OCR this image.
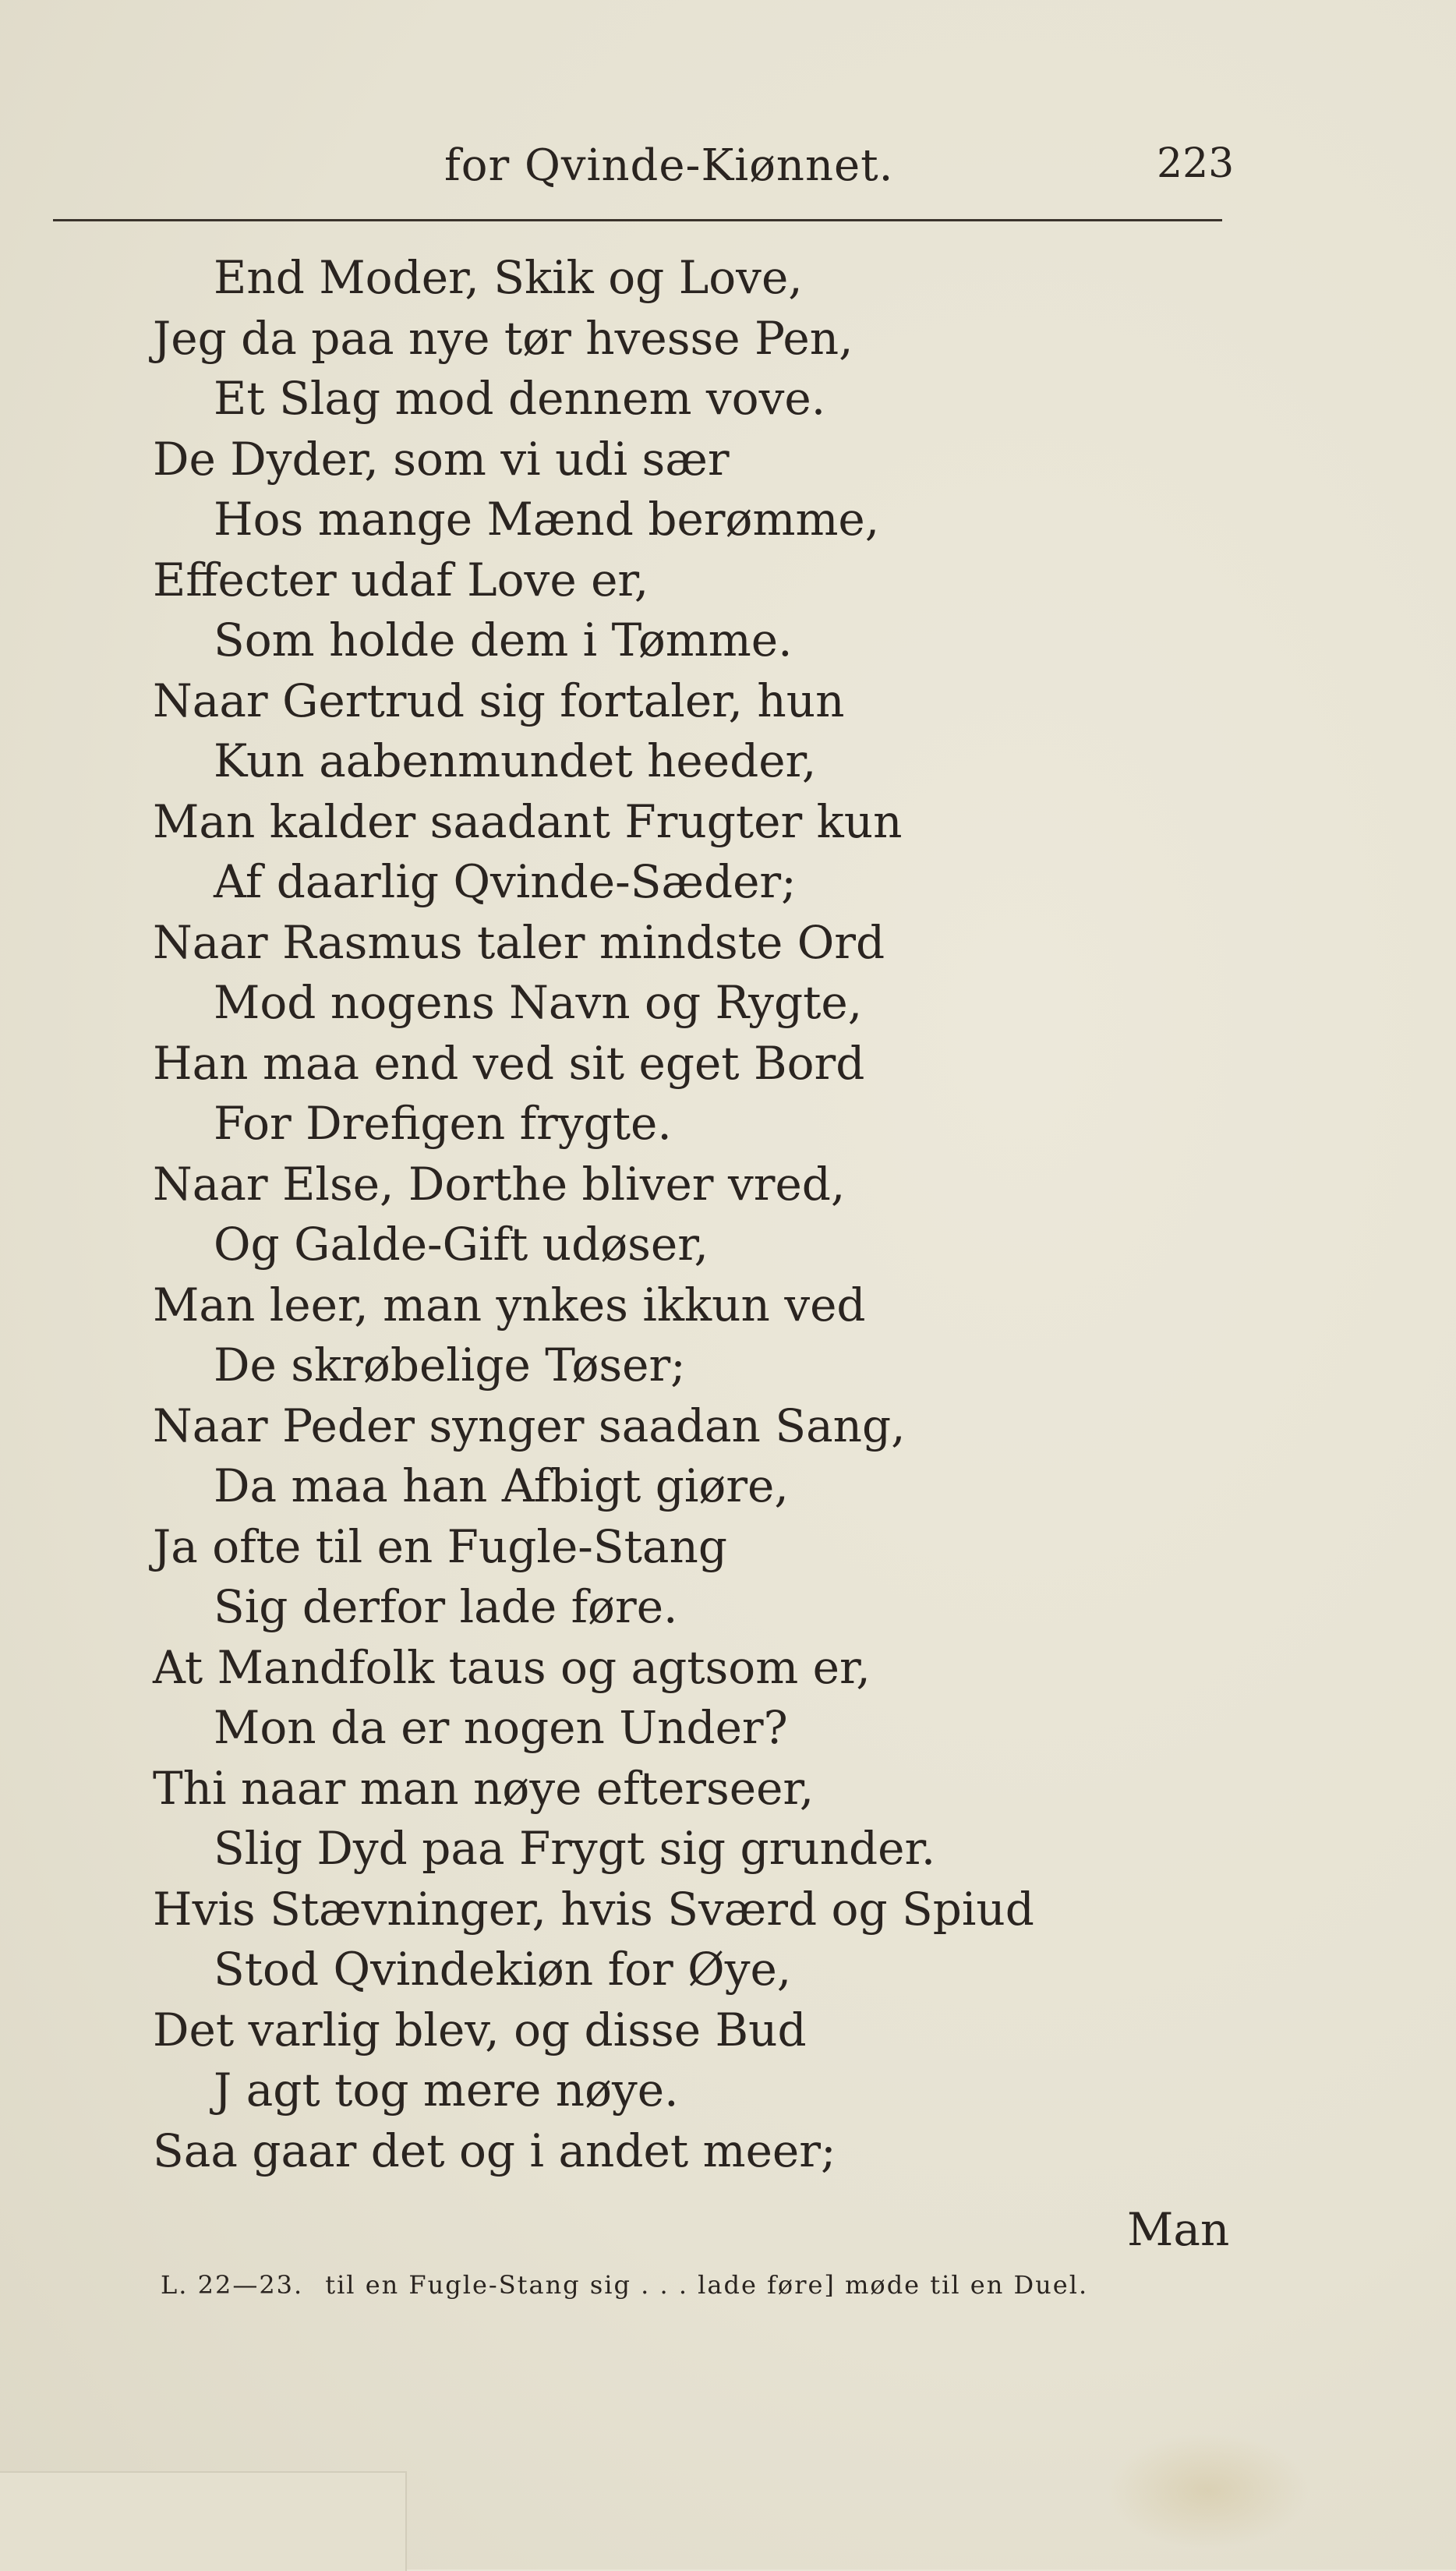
for Qvinde-Kiønnet.	223
End Moder, Skik og Love,
Jeg da paa nye tør hvesse Pen,
Et Slag mod dennem vove.
De Dyder, som vi udi sær
Hos mange Mænd berømme,
Effecter udaf Love er,
Som holde dem i Tømme.
Naar Gertrud sig fortaler, hun
Kun aabenmundet heeder,
Man kalder saadant Frugter kun
Af daarlig Qvinde-Sæder;
Naar Rasmus taler mindste Ord
Mod nogens Navn og Rygte,
Han maa end ved sit eget Bord
For Drefigen frygte.
Naar Else, Dorthe bliver vred,
Og Galde-Gift udøser,
Man leer, man ynkes ikkun ved
De skrøbelige Tøser;
Naar Peder synger saadan Sang,
Da maa han Afbigt giøre,
Ja ofte til en Fugle-Stang
Sig derfor lade føre.
At Mandfolk taus og agtsom er,
Mon da er nogen Under?
Thi naar man nøye efterseer,
Slig Dyd paa Frygt sig grunder.
Hvis Stævninger, hvis Sværd og Spiud
Stod Qvindekiøn for Øye,
Det varlig blev, og disse Bud
J agt tog mere nøye.
Saa gaar det og i andet meer;
Man
L. 22—23. til en Fugle-Stang sig . . . lade føre] møde til en Duel.
